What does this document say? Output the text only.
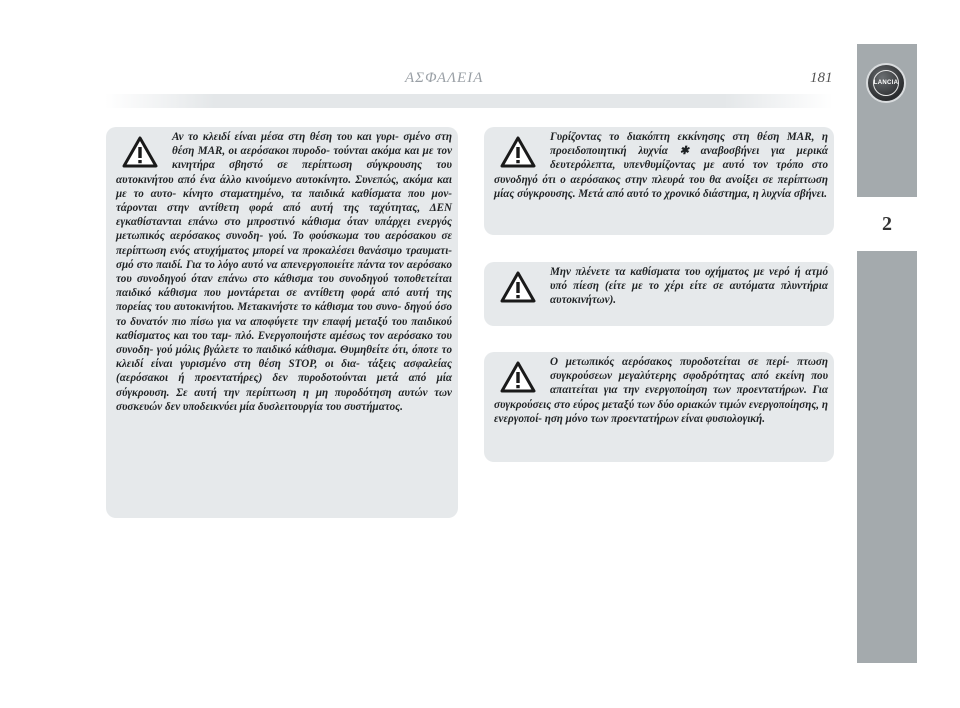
ΑΣΦΑΛΕΙΑ	181	LANCIA
2

Αν το κλειδί είναι μέσα στη θέση του και γυρι- σμένο στη θέση MAR, οι αερόσακοι πυροδο- τούνται ακόμα και με τον κινητήρα σβηστό σε περίπτωση σύγκρουσης του αυτοκινήτου από ένα άλλο κινούμενο αυτοκίνητο. Συνεπώς, ακόμα και με το αυτο- κίνητο σταματημένο, τα παιδικά καθίσματα που μον- τάρονται στην αντίθετη φορά από αυτή της ταχύτητας, ΔΕΝ εγκαθίστανται επάνω στο μπροστινό κάθισμα όταν υπάρχει ενεργός μετωπικός αερόσακος συνοδη- γού. Το φούσκωμα του αερόσακου σε περίπτωση ενός ατυχήματος μπορεί να προκαλέσει θανάσιμο τραυματι- σμό στο παιδί. Για το λόγο αυτό να απενεργοποιείτε πάντα τον αερόσακο του συνοδηγού όταν επάνω στο κάθισμα του συνοδηγού τοποθετείται παιδικό κάθισμα που μοντάρεται σε αντίθετη φορά από αυτή της πορείας του αυτοκινήτου. Μετακινήστε το κάθισμα του συνο- δηγού όσο το δυνατόν πιο πίσω για να αποφύγετε την επαφή μεταξύ του παιδικού καθίσματος και του ταμ- πλό. Ενεργοποιήστε αμέσως τον αερόσακο του συνοδη- γού μόλις βγάλετε το παιδικό κάθισμα. Θυμηθείτε ότι, όποτε το κλειδί είναι γυρισμένο στη θέση STOP, οι δια- τάξεις ασφαλείας (αερόσακοι ή προεντατήρες) δεν πυροδοτούνται μετά από μία σύγκρουση. Σε αυτή την περίπτωση η μη πυροδότηση αυτών των συσκευών δεν υποδεικνύει μία δυσλειτουργία του συστήματος.

Γυρίζοντας το διακόπτη εκκίνησης στη θέση MAR, η προειδοποιητική λυχνία ✱ αναβοσβήνει για μερικά δευτερόλεπτα, υπενθυμίζοντας με αυτό τον τρόπο στο συνοδηγό ότι ο αερόσακος στην πλευρά του θα ανοίξει σε περίπτωση μίας σύγκρουσης. Μετά από αυτό το χρονικό διάστημα, η λυχνία σβήνει.

Μην πλένετε τα καθίσματα του οχήματος με νερό ή ατμό υπό πίεση (είτε με το χέρι είτε σε αυτόματα πλυντήρια αυτοκινήτων).

Ο μετωπικός αερόσακος πυροδοτείται σε περί- πτωση συγκρούσεων μεγαλύτερης σφοδρότητας από εκείνη που απαιτείται για την ενεργοποίηση των προεντατήρων. Για συγκρούσεις στο εύρος μεταξύ των δύο οριακών τιμών ενεργοποίησης, η ενεργοποί- ηση μόνο των προεντατήρων είναι φυσιολογική.
